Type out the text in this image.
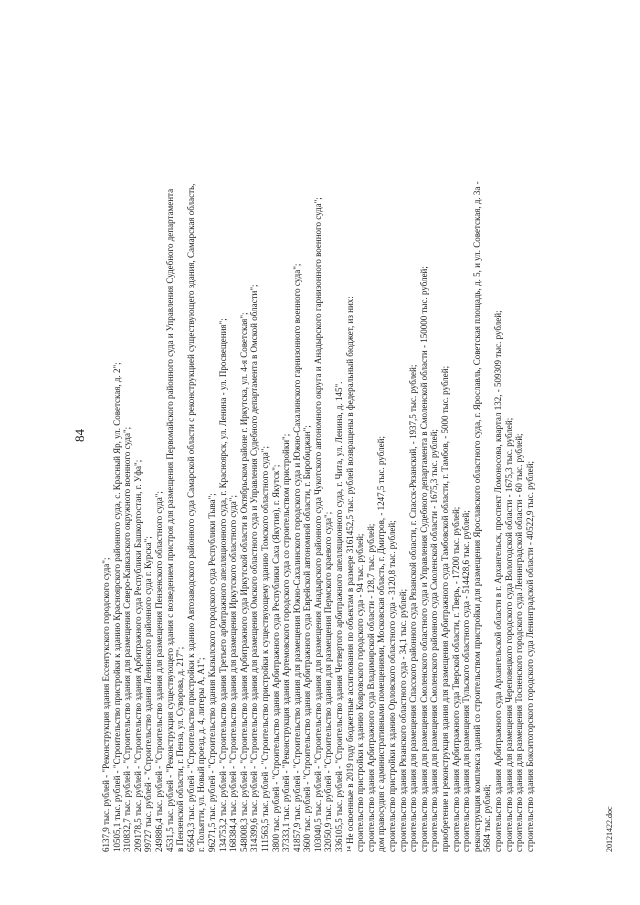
84
6137,9 тыс. рублей - "Реконструкция здания Ессентукского городского суда"; 10505,1 тыс. рублей - "Строительство пристройки к зданию Красноярского районного суда, с. Красный Яр, ул. Советская, д. 2"; 310832,7 тыс. рублей - "Строительство здания для размещения Северо-Кавказского окружного военного суда"; 209178,5 тыс. рублей - "Строительство здания Арбитражного суда Республики Башкортостан, г. Уфа"; 99727 тыс. рублей - "Строительство здания Ленинского районного суда г. Курска"; 249886,4 тыс. рублей - "Строительство здания для размещения Пензенского областного суда"; 4531,5 тыс. рублей - "Реконструкция существующего здания с возведением пристроя для размещения Первомайского районного суда и Управления Судебного департамента в Пензенской области, г. Пенза, ул. Суворова, д. 217"; 65643,3 тыс. рублей - "Строительство пристройки к зданию Автозаводского районного суда Самарской области с реконструкцией существующего здания, Самарская область, г. Тольятти, ул. Новый проезд, д. 4, литеры А, А1"; 96271,5 тыс. рублей - "Строительство здания Кызылского городского суда Республики Тыва"; 134753,2 тыс. рублей - "Строительство здания Третьего арбитражного апелляционного суда, г. Красноярск, ул. Ленина - ул. Просвещения"; 168384,4 тыс. рублей - "Строительство здания для размещения Иркутского областного суда"; 548008,3 тыс. рублей - "Строительство здания Арбитражного суда Иркутской области в Октябрьском районе г. Иркутска, ул. 4-я Советская"; 314399,6 тыс. рублей - "Строительство здания для размещения Омского областного суда и Управления Судебного департамента в Омской области"; 111563,5 тыс. рублей - "Строительство пристройки к существующему зданию Томского областного суда"; 3800 тыс. рублей - "Строительство здания Арбитражного суда Республики Саха (Якутия), г. Якутск"; 37333,1 тыс. рублей - "Реконструкция здания Артемовского городского суда со строительством пристройки"; 41857,9 тыс. рублей - "Строительство здания для размещения Южно-Сахалинского городского суда и Южно-Сахалинского гарнизонного военного суда"; 3600 тыс. рублей - "Строительство здания Арбитражного суда Еврейской автономной области, г. Биробиджан"; 103040,5 тыс. рублей - "Строительство здания для размещения Анадырского районного суда Чукотского автономного округа и Анадырского гарнизонного военного суда"; 32050,9 тыс. рублей - "Строительство здания для размещения Пермского краевого суда"; 336105,5 тыс. рублей - "Строительство здания Четвертого арбитражного апелляционного суда, г. Чита, ул. Ленина, д. 145". ¹⁴ Не освоенные в 2019 году бюджетные ассигнования по объектам в размере 3161452,5 тыс. рублей возвращены в федеральный бюджет, из них: строительство пристройки к зданию Ковровского городского суда - 94 тыс. рублей; строительство здания Арбитражного суда Владимирской области - 128,7 тыс. рублей; дом правосудия с административными помещениями, Московская область, г. Дмитров, - 1247,5 тыс. рублей; строительство пристройки к зданию Орловского областного суда - 3120,8 тыс. рублей; строительство здания Рязанского областного суда - 34,1 тыс. рублей; строительство здания для размещения Спасского районного суда Рязанской области, г. Спасск-Рязанский, - 1937,5 тыс. рублей; строительство здания для размещения Смоленского областного суда и Управления Судебного департамента в Смоленской области - 150000 тыс. рублей; строительство здания для размещения Смоленского районного суда Смоленской области - 1675,3 тыс. рублей; приобретение и реконструкция здания для размещения Арбитражного суда Тамбовской области, г. Тамбов, - 5000 тыс. рублей; строительство здания Арбитражного суда Тверской области, г. Тверь, - 17200 тыс. рублей; строительство здания для размещения Тульского областного суда - 514428,6 тыс. рублей; реконструкция комплекса зданий со строительством пристройки для размещения Ярославского областного суда, г. Ярославль, Советская площадь, д. 5, и ул. Советская, д. 3а - 5684 тыс. рублей; строительство здания Арбитражного суда Архангельской области в г. Архангельск, проспект Ломоносова, квартал 132, - 509309 тыс. рублей; строительство здания для размещения Череповецкого городского суда Вологодской области - 1675,3 тыс. рублей; строительство здания для размещения Тосненского городского суда Ленинградской области - 60 тыс. рублей; строительство здания Бокситогорского городского суда Ленинградской области - 40522,9 тыс. рублей;	20121422.doc
